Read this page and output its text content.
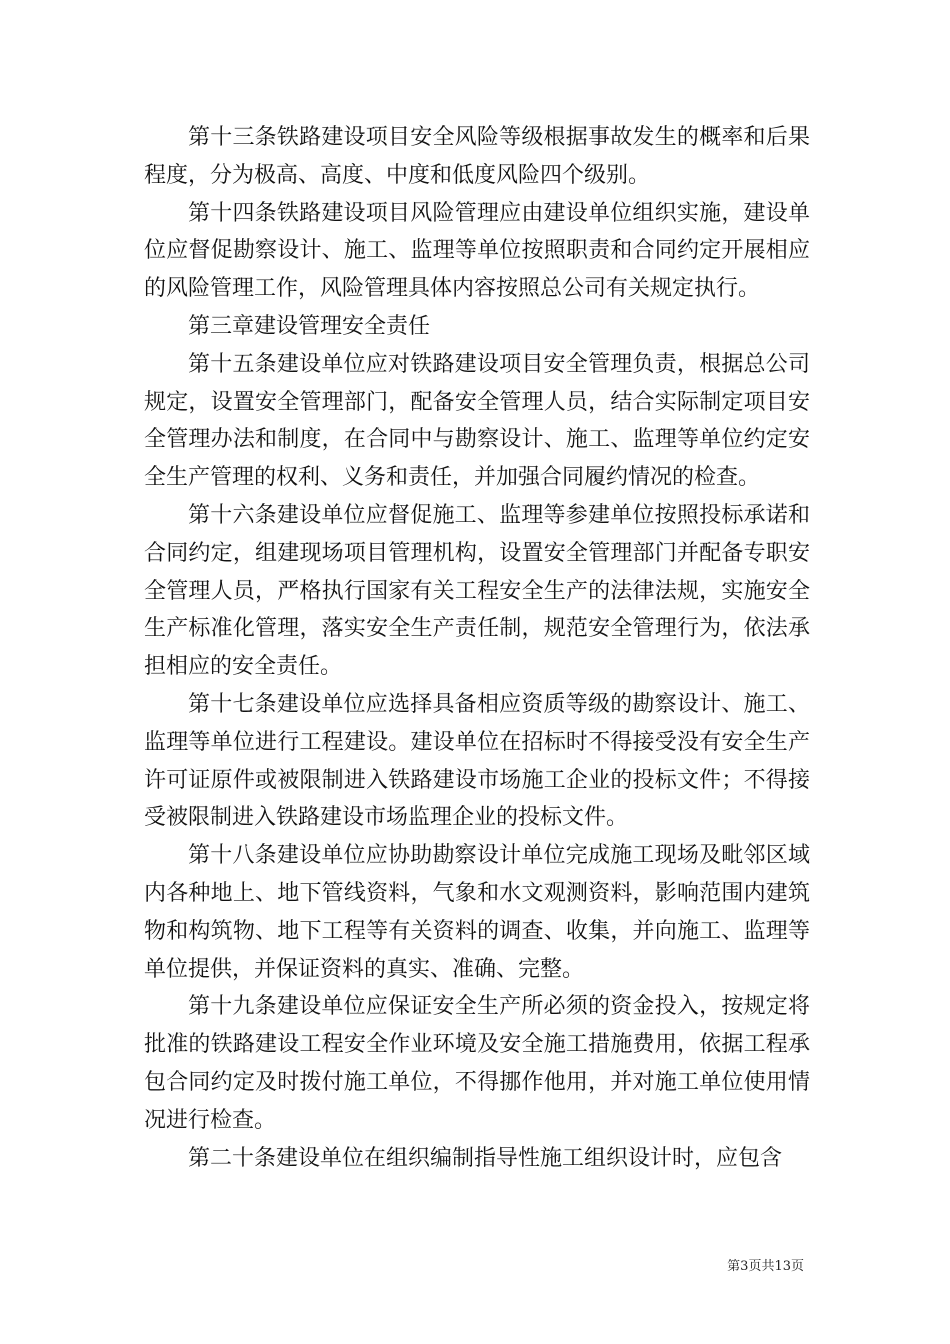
第十三条铁路建设项目安全风险等级根据事故发生的概率和后果程度，分为极高、高度、中度和低度风险四个级别。

第十四条铁路建设项目风险管理应由建设单位组织实施，建设单位应督促勘察设计、施工、监理等单位按照职责和合同约定开展相应的风险管理工作，风险管理具体内容按照总公司有关规定执行。

第三章建设管理安全责任

第十五条建设单位应对铁路建设项目安全管理负责，根据总公司规定，设置安全管理部门，配备安全管理人员，结合实际制定项目安全管理办法和制度，在合同中与勘察设计、施工、监理等单位约定安全生产管理的权利、义务和责任，并加强合同履约情况的检查。

第十六条建设单位应督促施工、监理等参建单位按照投标承诺和合同约定，组建现场项目管理机构，设置安全管理部门并配备专职安全管理人员，严格执行国家有关工程安全生产的法律法规，实施安全生产标准化管理，落实安全生产责任制，规范安全管理行为，依法承担相应的安全责任。

第十七条建设单位应选择具备相应资质等级的勘察设计、施工、监理等单位进行工程建设。建设单位在招标时不得接受没有安全生产许可证原件或被限制进入铁路建设市场施工企业的投标文件；不得接受被限制进入铁路建设市场监理企业的投标文件。

第十八条建设单位应协助勘察设计单位完成施工现场及毗邻区域内各种地上、地下管线资料，气象和水文观测资料，影响范围内建筑物和构筑物、地下工程等有关资料的调查、收集，并向施工、监理等单位提供，并保证资料的真实、准确、完整。

第十九条建设单位应保证安全生产所必须的资金投入，按规定将批准的铁路建设工程安全作业环境及安全施工措施费用，依据工程承包合同约定及时拨付施工单位，不得挪作他用，并对施工单位使用情况进行检查。

第二十条建设单位在组织编制指导性施工组织设计时，应包含

第3页共13页
